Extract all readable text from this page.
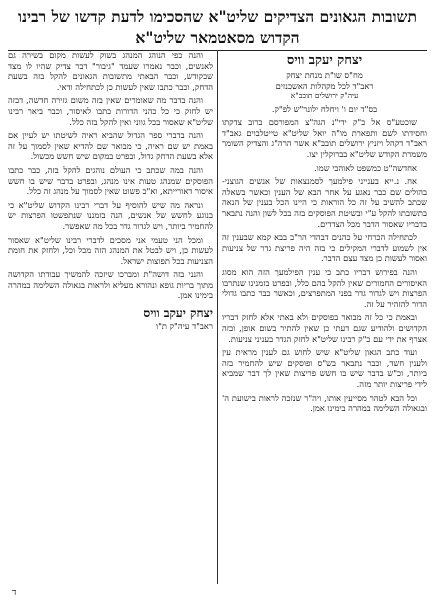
תשובות הגאונים הצדיקים שליט"א שהסכימו לדעת קדשו של רבינו הקדוש מסאטמאר שליט"א
יצחק יעקב וויס
מח"ס שו"ת מנחת יצחק
ראב"ד לכל מקהלות האשכנזים
עיה"ק ירושלים תובב"א

בס"ד יום ו' ויחלח ילונר"ש לפ"ק.

שוכטע"ס אל כ"ק ידי"נ הגה"צ המפורסם ברוב צדקתו וחסידתו לשם ותפארת מו"ה יואל שליט"א טייטלבוים גאב"ד ראב"ד דקהל ויזניץ ירושלים תובב"א אשר הרה"ג והצדיק השומר משמרת הקודש שליט"א בברוקלין יצו.

אחדשה"ט כמשפט לאוהבי שמו.

אח. נ.ייא בענייני פילמעך לסמנצאות של אנשים הגוצני- בהולים שם כבר נאגע על אחר הבא של הענין וכאשר בשאלה שכתב להשיב על זה כל הוראות כי היינו הכל בענין של הנאה בתשובתו להקל ע"י ובשיטת הפוסקים בזה בכל לשון והנה נתבאר בדבריו שאסור הדבר מכל הצדדים.

לכתחילה הכרחי על כהנים דבהדי הר"ב בבא קמא שבענין זה אין לשמוע לדברי המקילים כי בזה היה פריצת גדר של צניעות ואסור לעשות כן מצד עצם הדבר.

והנה בפירוש דבריו כתב כי ענין הפילמעך הזה הוא מסוג האיסורים החמורים שאין להקל בהם כלל, ובפרט בזמנינו שנתרבו הפרצות ויש לגדור גדר בפני המתפרצים, וכאשר כבר כתבו גדולי הדור להזהיר על זה.

ובאמת כי כל זה מבואר בפוסקים ולא באתי אלא לחזק דבריו הקדושים ולהודיע שגם דעתי כן שאין להתיר בשום אופן, ובזה אצרף את ידי עם כ"ק רבינו שליט"א לחזק הגדר בעניני צניעות.

ועוד כתב הגאון שליט"א שיש לחוש גם לענין מראית עין ולענין חשד, וכבר נתבאר בש"ס ופוסקים שיש להחמיר בזה ביותר, וכ"ש בדבר שיש בו חשש פריצות שאין לך דבר שמביא לידי פריצות יותר מזה.

וכל הבא לטהר מסייעין אותו, ויה"ר שנזכה לראות בישועת ה' ובגאולה השלימה במהרה בימינו אמן.

והנה כפי הנוהג המנהג בשוק לעשות מקום בשירה גם לאנשים, וכבר נאמרו שעמד "גיבור" דבר צדיק שהיו לו מצד שבקודש, וכבר הבאתי מתשובות הגאונים להקל בזה בשעת הדחק, וכבר כתבו שאין לעשות כן לכתחילה ודאי.

והנה בדבר מה שאומרים שאין בזה משום גזירה חדשה, דבזה יש לחזק כי כל כהני הדורות כתבו לאיסור, וכבר ביאר רבינו שליט"א שאסור בכל גווני ואין להקל בזה כלל.

והנה בדברי ספר הגדול שהביא ראיה לשיטתו יש לעיין אם באמת יש שם ראיה, כי מבואר שם להדיא שאין לסמוך על זה אלא בשעת הדחק גדול, ובפרט במקום שיש חשש מכשול.

והנה במה שכתב כי העולם נוהגים להקל בזה, כבר כתבו הפוסקים שמנהג טעות אינו מנהג, ובפרט בדבר שיש בו חשש איסור דאורייתא, וא"כ פשוט שאין לסמוך על מנהג זה כלל.

ונראה מה שיש להוסיף על דברי רבינו הקדוש שליט"א כי בנוגע לחשש של אנשים, הנה בזמננו שנתפשטו הפרצות יש להחמיר ביותר, ויש לגדור גדר בכל מה שאפשר.

ומכל הני טעמי אני מסכים לדברי רבינו שליט"א שאסור לעשות כן, ויש לבטל את המנהג הזה מכל וכל, ולחזק את חומת הצניעות בכל תפוצות ישראל.

והנני בזה דושה"ת ומברכו שיזכה להמשיך עבודתו הקדושה מתוך בריות גופא ונהורא מעליא ולראות בגאולה השלימה במהרה בימינו אמן.

יצחק יעקב וויס
ראב"ד עיה"ק ת"ו
ד
